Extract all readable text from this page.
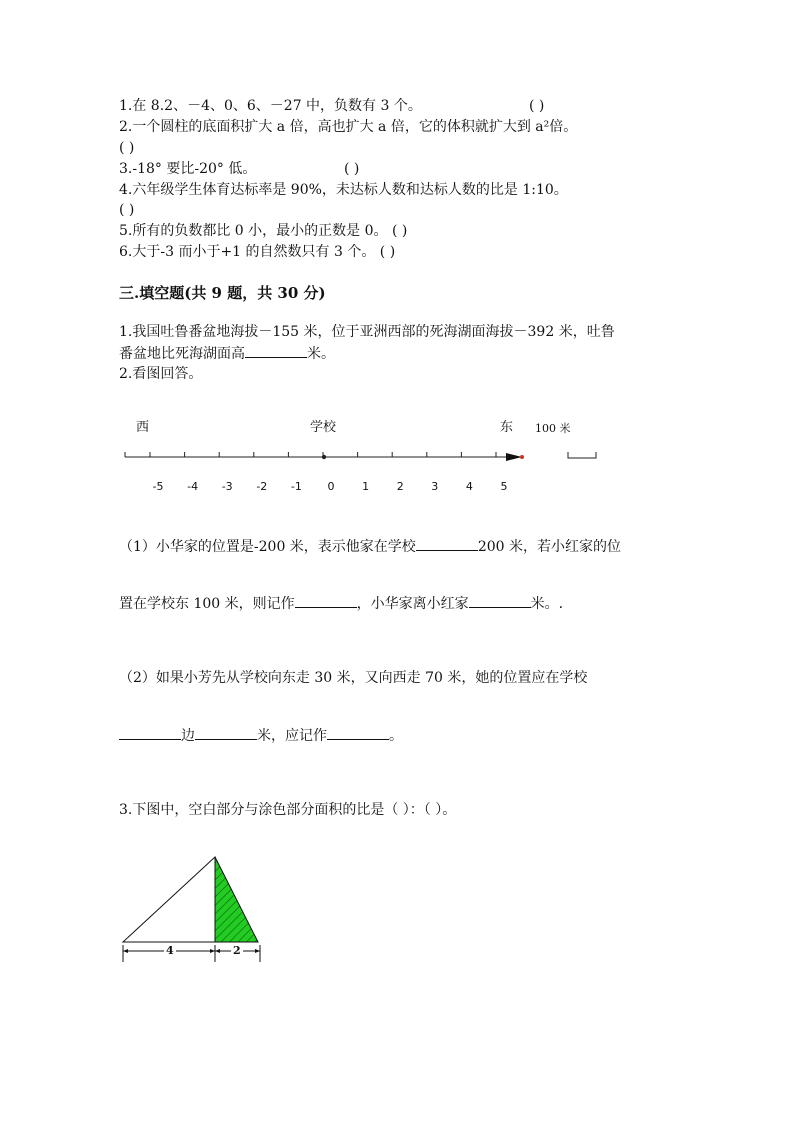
1.在 8.2、－4、0、6、－27 中，负数有 3 个。	( )
2.一个圆柱的底面积扩大 a 倍，高也扩大 a 倍，它的体积就扩大到 a²倍。
( )
3.-18° 要比-20° 低。	( )
4.六年级学生体育达标率是 90%，未达标人数和达标人数的比是 1:10。
( )
5.所有的负数都比 0 小，最小的正数是 0。 ( )
6.大于-3 而小于+1 的自然数只有 3 个。 ( )
三.填空题(共 9 题，共 30 分)
1.我国吐鲁番盆地海拔－155 米，位于亚洲西部的死海湖面海拔－392 米，吐鲁
番盆地比死海湖面高	米。
2.看图回答。
西	学校	东 100 米
-5 -4 -3 -2 -1 0	1	2	3	4	5
4	2
（1）小华家的位置是-200 米，表示他家在学校	200 米，若小红家的位
置在学校东 100 米，则记作	，小华家离小红家	米。.
（2）如果小芳先从学校向东走 30 米，又向西走 70 米，她的位置应在学校
边	米，应记作	。
3.下图中，空白部分与涂色部分面积的比是（ ）：（ ）。
